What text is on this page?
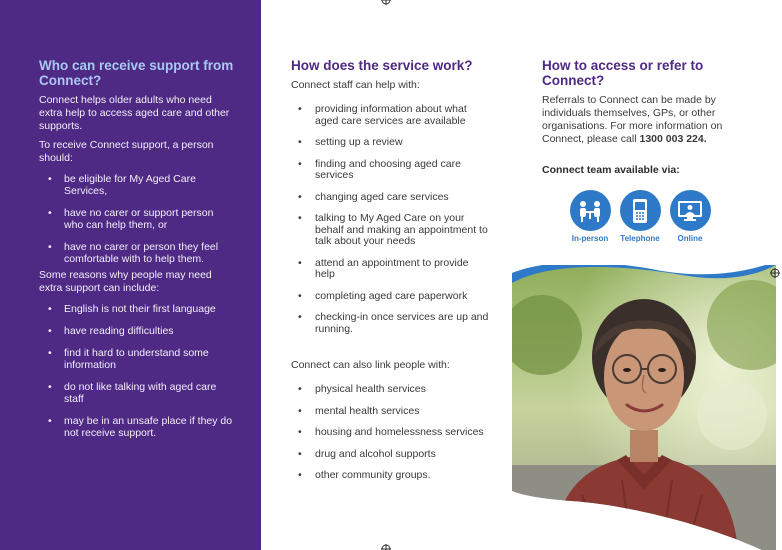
Who can receive support from Connect?

Connect helps older adults who need extra help to access aged care and other supports.

To receive Connect support, a person should:

• be eligible for My Aged Care Services,
• have no carer or support person who can help them, or
• have no carer or person they feel comfortable with to help them.

Some reasons why people may need extra support can include:

• English is not their first language
• have reading difficulties
• find it hard to understand some information
• do not like talking with aged care staff
• may be in an unsafe place if they do not receive support.
How does the service work?

Connect staff can help with:

• providing information about what aged care services are available
• setting up a review
• finding and choosing aged care services
• changing aged care services
• talking to My Aged Care on your behalf and making an appointment to talk about your needs
• attend an appointment to provide help
• completing aged care paperwork
• checking-in once services are up and running.

Connect can also link people with:

• physical health services
• mental health services
• housing and homelessness services
• drug and alcohol supports
• other community groups.
How to access or refer to Connect?

Referrals to Connect can be made by individuals themselves, GPs, or other organisations. For more information on Connect, please call 1300 003 224.

Connect team available via:
In-person	Telephone	Online
